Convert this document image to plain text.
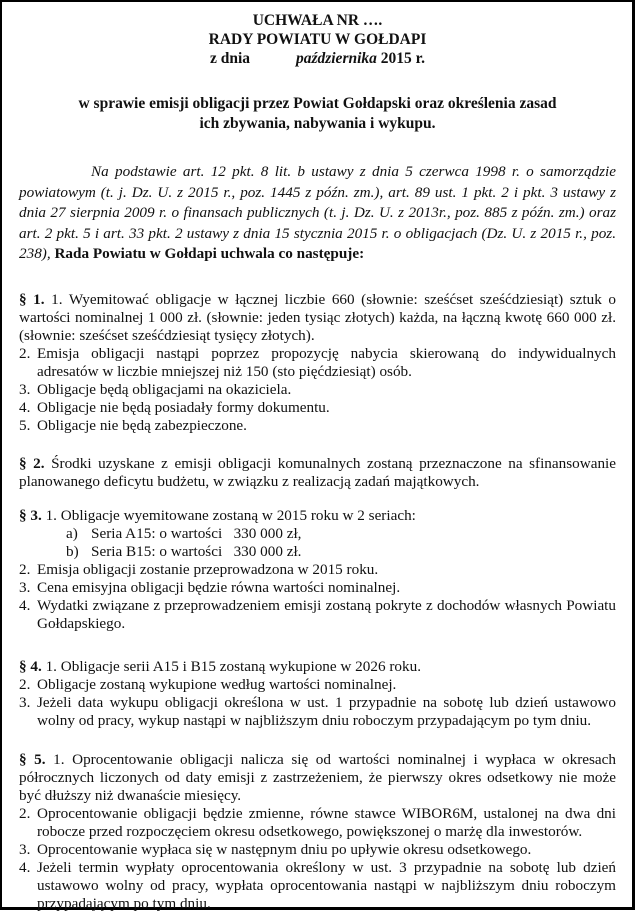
UCHWAŁA NR ….
RADY POWIATU W GOŁDAPI
z dnia	października 2015 r.
w sprawie emisji obligacji przez Powiat Gołdapski oraz określenia zasad
ich zbywania, nabywania i wykupu.
Na podstawie art. 12 pkt. 8 lit. b ustawy z dnia 5 czerwca 1998 r. o samorządzie powiatowym (t. j. Dz. U. z 2015 r., poz. 1445 z późn. zm.), art. 89 ust. 1 pkt. 2 i pkt. 3 ustawy z dnia 27 sierpnia 2009 r. o finansach publicznych (t. j. Dz. U. z 2013r., poz. 885 z późn. zm.) oraz art. 2 pkt. 5 i art. 33 pkt. 2 ustawy z dnia 15 stycznia 2015 r. o obligacjach (Dz. U. z 2015 r., poz. 238), Rada Powiatu w Gołdapi uchwala co następuje:
§ 1. 1. Wyemitować obligacje w łącznej liczbie 660 (słownie: sześćset sześćdziesiąt) sztuk o wartości nominalnej 1 000 zł. (słownie: jeden tysiąc złotych) każda, na łączną kwotę 660 000 zł. (słownie: sześćset sześćdziesiąt tysięcy złotych).
2. Emisja obligacji nastąpi poprzez propozycję nabycia skierowaną do indywidualnych adresatów w liczbie mniejszej niż 150 (sto pięćdziesiąt) osób.
3. Obligacje będą obligacjami na okaziciela.
4. Obligacje nie będą posiadały formy dokumentu.
5. Obligacje nie będą zabezpieczone.
§ 2. Środki uzyskane z emisji obligacji komunalnych zostaną przeznaczone na sfinansowanie planowanego deficytu budżetu, w związku z realizacją zadań majątkowych.
§ 3. 1. Obligacje wyemitowane zostaną w 2015 roku w 2 seriach:
a) Seria A15: o wartości   330 000 zł,
b) Seria B15: o wartości   330 000 zł.
2. Emisja obligacji zostanie przeprowadzona w 2015 roku.
3. Cena emisyjna obligacji będzie równa wartości nominalnej.
4. Wydatki związane z przeprowadzeniem emisji zostaną pokryte z dochodów własnych Powiatu Gołdapskiego.
§ 4. 1. Obligacje serii A15 i B15 zostaną wykupione w 2026 roku.
2. Obligacje zostaną wykupione według wartości nominalnej.
3. Jeżeli data wykupu obligacji określona w ust. 1 przypadnie na sobotę lub dzień ustawowo wolny od pracy, wykup nastąpi w najbliższym dniu roboczym przypadającym po tym dniu.
§ 5. 1. Oprocentowanie obligacji nalicza się od wartości nominalnej i wypłaca w okresach półrocznych liczonych od daty emisji z zastrzeżeniem, że pierwszy okres odsetkowy nie może być dłuższy niż dwanaście miesięcy.
2. Oprocentowanie obligacji będzie zmienne, równe stawce WIBOR6M, ustalonej na dwa dni robocze przed rozpoczęciem okresu odsetkowego, powiększonej o marżę dla inwestorów.
3. Oprocentowanie wypłaca się w następnym dniu po upływie okresu odsetkowego.
4. Jeżeli termin wypłaty oprocentowania określony w ust. 3 przypadnie na sobotę lub dzień ustawowo wolny od pracy, wypłata oprocentowania nastąpi w najbliższym dniu roboczym przypadającym po tym dniu.
